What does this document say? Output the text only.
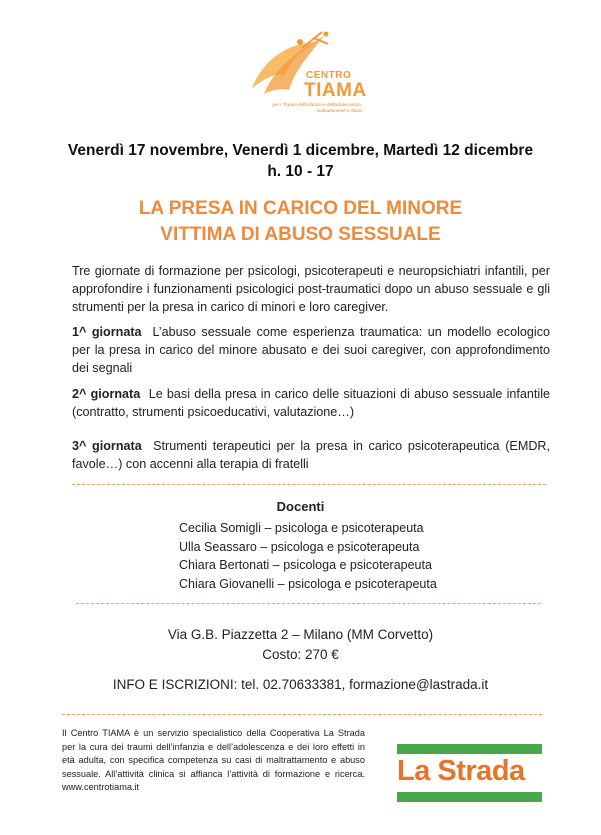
CENTRO
TIAMA
per i Traumi dell'infanzia e dell'adolescenza, maltrattamenti e Abusi
Venerdì 17 novembre, Venerdì 1 dicembre, Martedì 12 dicembre
h. 10 - 17
LA PRESA IN CARICO DEL MINORE
VITTIMA DI ABUSO SESSUALE
Tre giornate di formazione per psicologi, psicoterapeuti e neuropsichiatri infantili, per approfondire i funzionamenti psicologici post-traumatici dopo un abuso sessuale e gli strumenti per la presa in carico di minori e loro caregiver.
1^ giornata L’abuso sessuale come esperienza traumatica: un modello ecologico per la presa in carico del minore abusato e dei suoi caregiver, con approfondimento dei segnali
2^ giornata Le basi della presa in carico delle situazioni di abuso sessuale infantile (contratto, strumenti psicoeducativi, valutazione…)
3^ giornata Strumenti terapeutici per la presa in carico psicoterapeutica (EMDR, favole…) con accenni alla terapia di fratelli
Docenti
Cecilia Somigli – psicologa e psicoterapeuta
Ulla Seassaro – psicologa e psicoterapeuta
Chiara Bertonati – psicologa e psicoterapeuta
Chiara Giovanelli – psicologa e psicoterapeuta
Via G.B. Piazzetta 2 – Milano (MM Corvetto)
Costo: 270 €
INFO E ISCRIZIONI: tel. 02.70633381, formazione@lastrada.it
Il Centro TIAMA è un servizio specialistico della Cooperativa La Strada per la cura dei traumi dell’infanzia e dell’adolescenza e dei loro effetti in età adulta, con specifica competenza su casi di maltrattamento e abuso sessuale. All’attività clinica si affianca l’attività di formazione e ricerca. www.centrotiama.it
La Strada
